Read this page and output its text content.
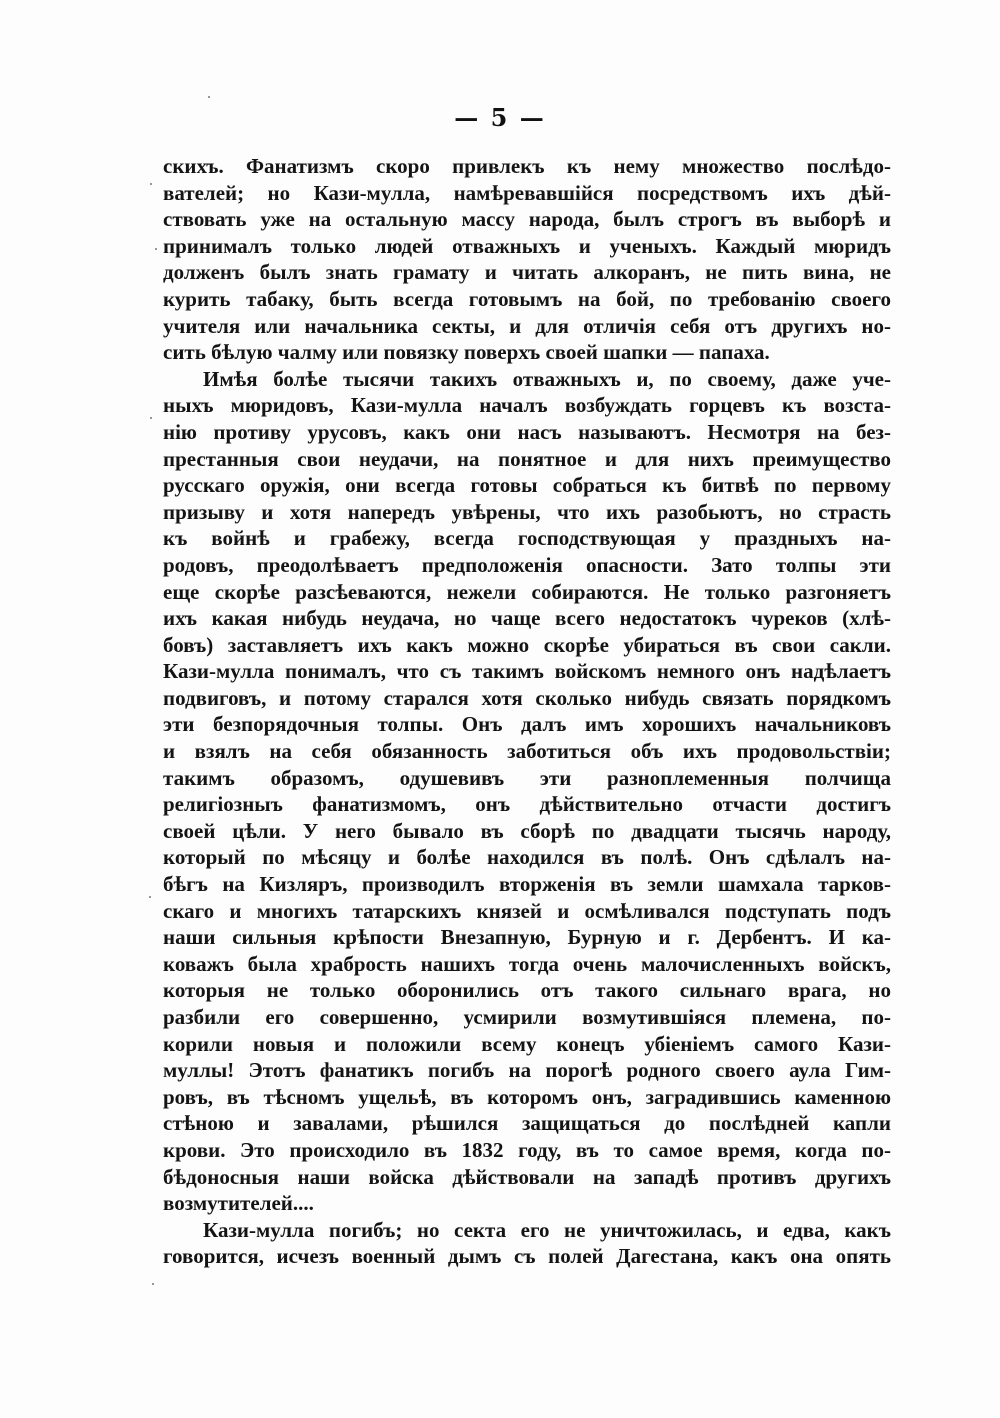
— 5 —
скихъ. Фанатизмъ скоро привлекъ къ нему множество послѣдо-
вателей; но Кази-мулла, намѣревавшійся посредствомъ ихъ дѣй-
ствовать уже на остальную массу народа, былъ строгъ въ выборѣ и
принималъ только людей отважныхъ и ученыхъ. Каждый мюридъ
долженъ былъ знать грамату и читать алкоранъ, не пить вина, не
курить табаку, быть всегда готовымъ на бой, по требованію своего
учителя или начальника секты, и для отличія себя отъ другихъ но-
сить бѣлую чалму или повязку поверхъ своей шапки — папаха.
Имѣя болѣе тысячи такихъ отважныхъ и, по своему, даже уче-
ныхъ мюридовъ, Кази-мулла началъ возбуждать горцевъ къ возста-
нію противу урусовъ, какъ они насъ называютъ. Несмотря на без-
престанныя свои неудачи, на понятное и для нихъ преимущество
русскаго оружія, они всегда готовы собраться къ битвѣ по первому
призыву и хотя напередъ увѣрены, что ихъ разобьютъ, но страсть
къ войнѣ и грабежу, всегда господствующая у праздныхъ на-
родовъ, преодолѣваетъ предположенія опасности. Зато толпы эти
еще скорѣе разсѣеваются, нежели собираются. Не только разгоняетъ
ихъ какая нибудь неудача, но чаще всего недостатокъ чуреков (хлѣ-
бовъ) заставляетъ ихъ какъ можно скорѣе убираться въ свои сакли.
Кази-мулла понималъ, что съ такимъ войскомъ немного онъ надѣлаетъ
подвиговъ, и потому старался хотя сколько нибудь связать порядкомъ
эти безпорядочныя толпы. Онъ далъ имъ хорошихъ начальниковъ
и взялъ на себя обязанность заботиться объ ихъ продовольствіи;
такимъ образомъ, одушевивъ эти разноплеменныя полчища
религіозныъ фанатизмомъ, онъ дѣйствительно отчасти достигъ
своей цѣли. У него бывало въ сборѣ по двадцати тысячь народу,
который по мѣсяцу и болѣе находился въ полѣ. Онъ сдѣлалъ на-
бѣгъ на Кизляръ, производилъ вторженія въ земли шамхала тарков-
скаго и многихъ татарскихъ князей и осмѣливался подступать подъ
наши сильныя крѣпости Внезапную, Бурную и г. Дербентъ. И ка-
коважъ была храбрость нашихъ тогда очень малочисленныхъ войскъ,
которыя не только оборонились отъ такого сильнаго врага, но
разбили его совершенно, усмирили возмутившіяся племена, по-
корили новыя и положили всему конецъ убіеніемъ самого Кази-
муллы! Этотъ фанатикъ погибъ на порогѣ родного своего аула Гим-
ровъ, въ тѣсномъ ущельѣ, въ которомъ онъ, заградившись каменною
стѣною и завалами, рѣшился защищаться до послѣдней капли
крови. Это происходило въ 1832 году, въ то самое время, когда по-
бѣдоносныя наши войска дѣйствовали на западѣ противъ другихъ
возмутителей....
Кази-мулла погибъ; но секта его не уничтожилась, и едва, какъ
говорится, исчезъ военный дымъ съ полей Дагестана, какъ она опять
